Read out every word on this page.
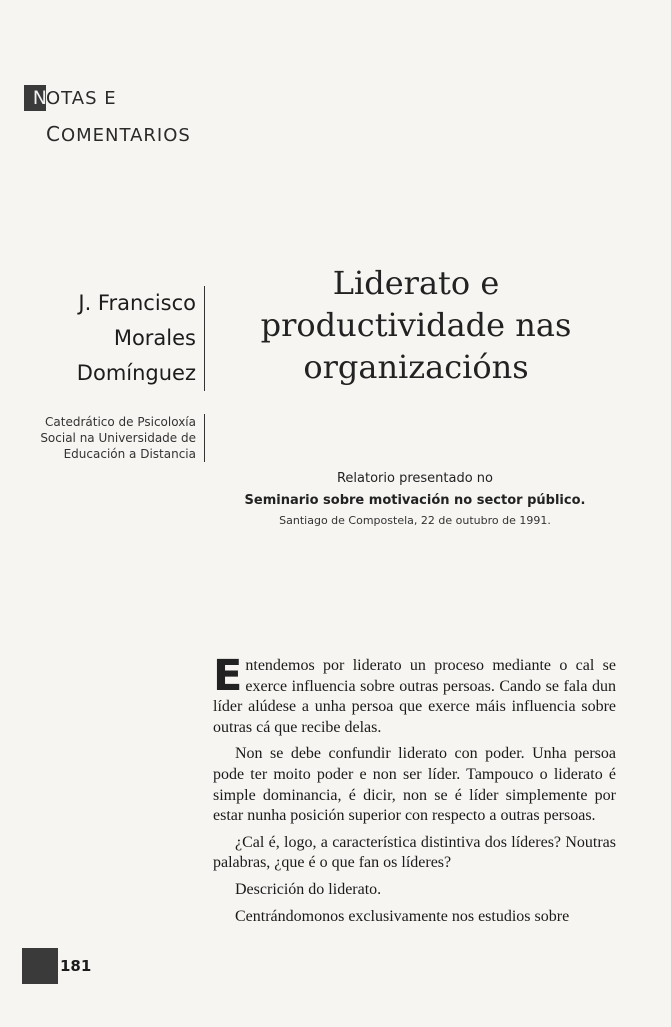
N OTAS E
COMENTARIOS
J. Francisco
Morales
Domínguez
Catedrático de Psicoloxía
Social na Universidade de
Educación a Distancia
Liderato e
productividade nas
organizacións
Relatorio presentado no
Seminario sobre motivación no sector público.
Santiago de Compostela, 22 de outubro de 1991.

Entendemos por liderato un proceso mediante o cal se exerce influencia sobre outras persoas. Cando se fala dun líder alúdese a unha persoa que exerce máis influencia sobre outras cá que recibe delas.

Non se debe confundir liderato con poder. Unha persoa pode ter moito poder e non ser líder. Tampouco o liderato é simple dominancia, é dicir, non se é líder simplemente por estar nunha posición superior con respecto a outras persoas.

¿Cal é, logo, a característica distintiva dos líderes? Noutras palabras, ¿que é o que fan os líderes?

Descrición do liderato.

Centrándomonos exclusivamente nos estudios sobre

181
